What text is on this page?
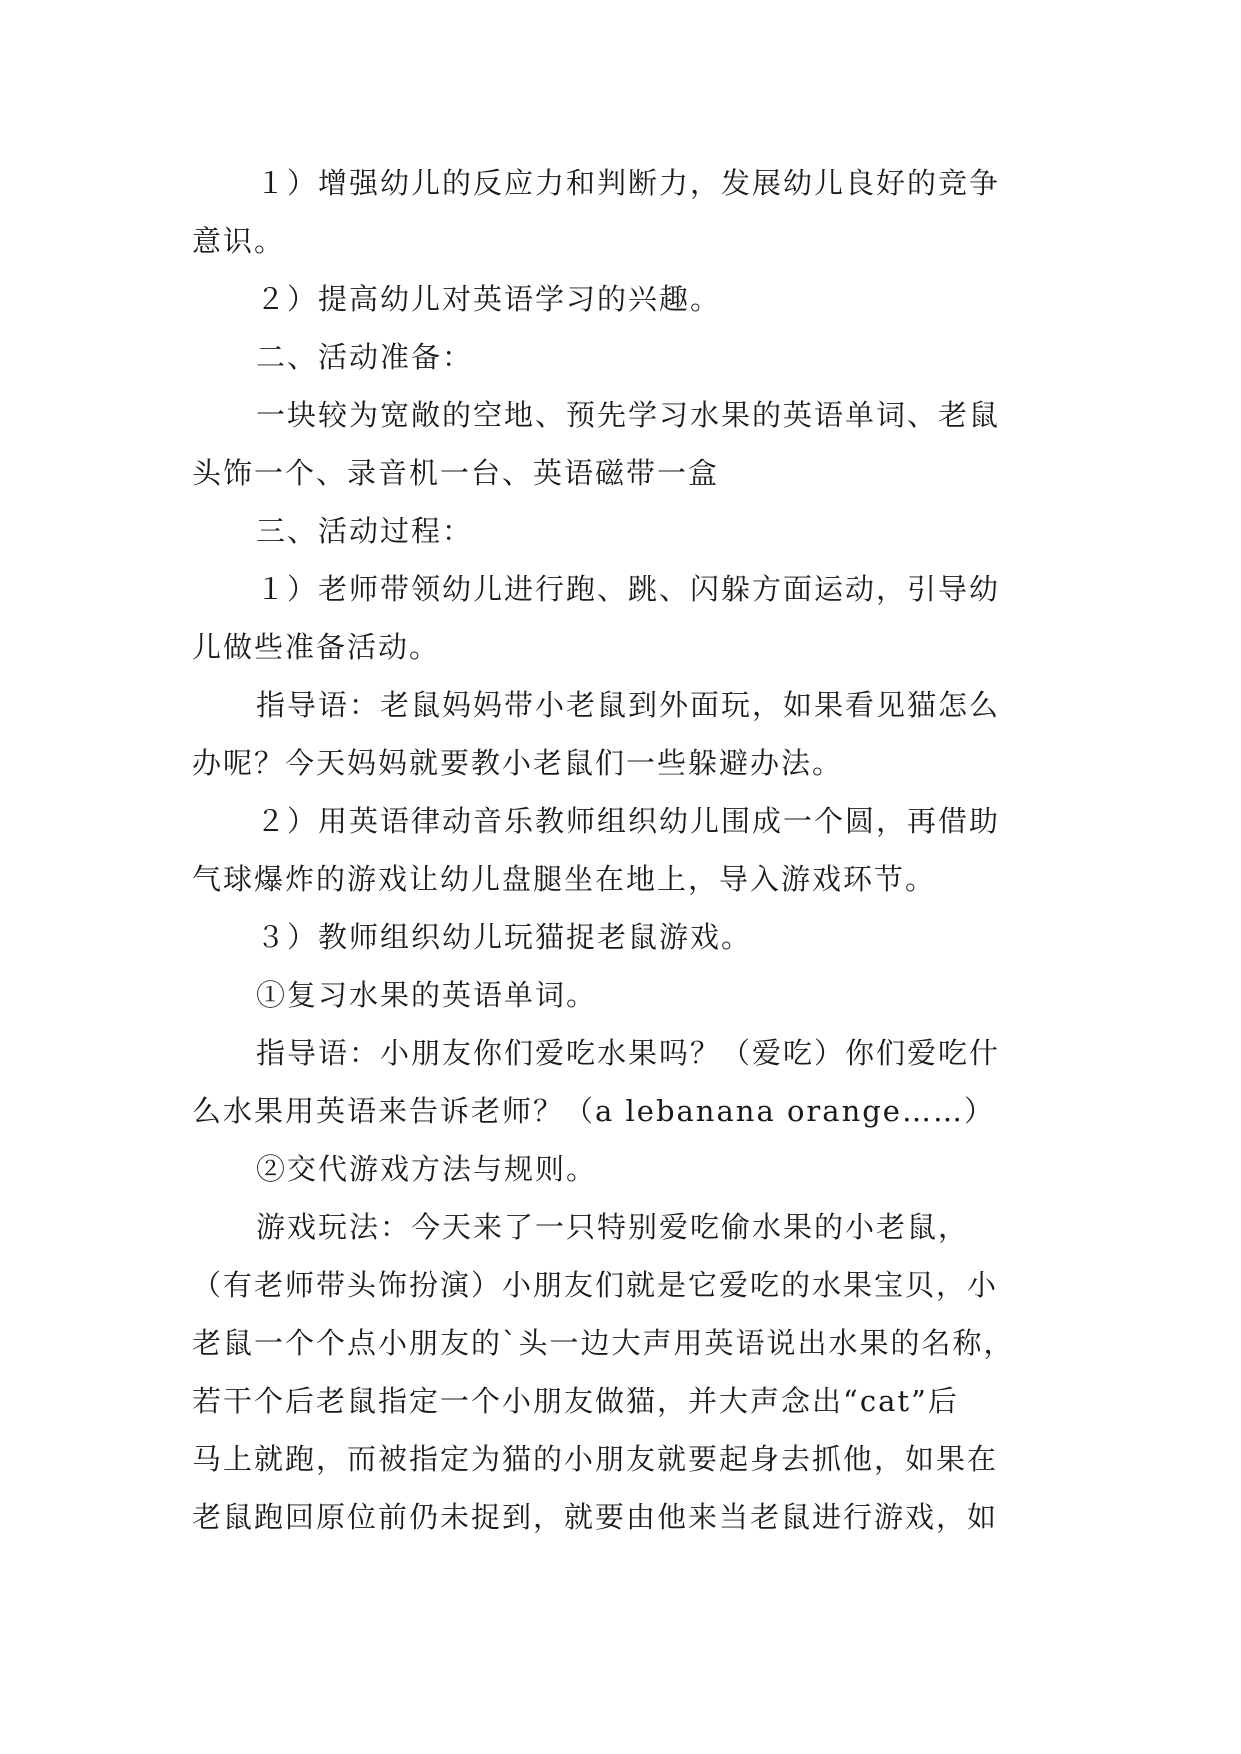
１）增强幼儿的反应力和判断力，发展幼儿良好的竞争
意识。
２）提高幼儿对英语学习的兴趣。
二、活动准备：
一块较为宽敞的空地、预先学习水果的英语单词、老鼠
头饰一个、录音机一台、英语磁带一盒
三、活动过程：
１）老师带领幼儿进行跑、跳、闪躲方面运动，引导幼
儿做些准备活动。
指导语：老鼠妈妈带小老鼠到外面玩，如果看见猫怎么
办呢？今天妈妈就要教小老鼠们一些躲避办法。
２）用英语律动音乐教师组织幼儿围成一个圆，再借助
气球爆炸的游戏让幼儿盘腿坐在地上，导入游戏环节。
３）教师组织幼儿玩猫捉老鼠游戏。
①复习水果的英语单词。
指导语：小朋友你们爱吃水果吗？（爱吃）你们爱吃什
么水果用英语来告诉老师？（a lebanana orange……）
②交代游戏方法与规则。
游戏玩法：今天来了一只特别爱吃偷水果的小老鼠，
（有老师带头饰扮演）小朋友们就是它爱吃的水果宝贝，小
老鼠一个个点小朋友的`头一边大声用英语说出水果的名称，
若干个后老鼠指定一个小朋友做猫，并大声念出“cat”后
马上就跑，而被指定为猫的小朋友就要起身去抓他，如果在
老鼠跑回原位前仍未捉到，就要由他来当老鼠进行游戏，如
